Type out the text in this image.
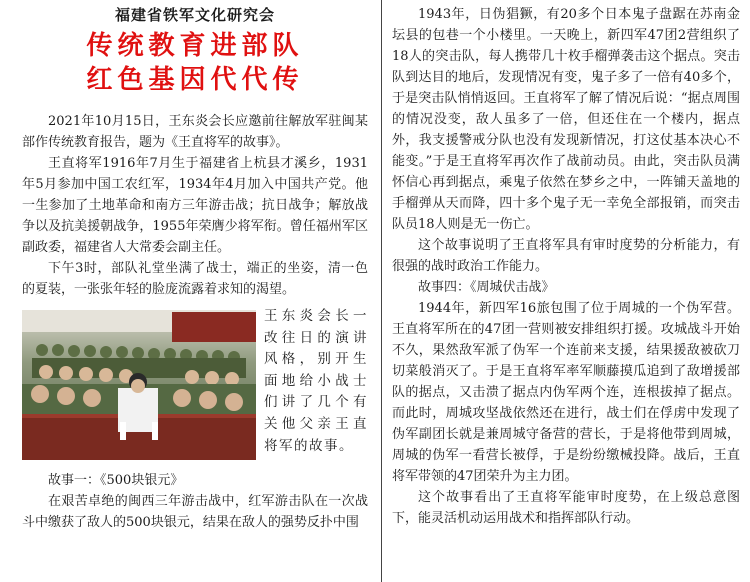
福建省铁军文化研究会
传统教育进部队
红色基因代代传

2021年10月15日，王东炎会长应邀前往解放军驻闽某部作传统教育报告，题为《王直将军的故事》。

王直将军1916年7月生于福建省上杭县才溪乡，1931年5月参加中国工农红军，1934年4月加入中国共产党。他一生参加了土地革命和南方三年游击战；抗日战争；解放战争以及抗美援朝战争，1955年荣膺少将军衔。曾任福州军区副政委，福建省人大常委会副主任。

下午3时，部队礼堂坐满了战士，端正的坐姿，清一色的夏装，一张张年轻的脸庞流露着求知的渴望。

王东炎会长一改往日的演讲风格，别开生面地给小战士们讲了几个有关他父亲王直将军的故事。

故事一：《500块银元》

在艰苦卓绝的闽西三年游击战中，红军游击队在一次战斗中缴获了敌人的500块银元，结果在敌人的强势反扑中围

1943年，日伪猖獗，有20多个日本鬼子盘踞在苏南金坛县的包巷一个小楼里。一天晚上，新四军47团2营组织了18人的突击队，每人携带几十枚手榴弹袭击这个据点。突击队到达目的地后，发现情况有变，鬼子多了一倍有40多个，于是突击队悄悄返回。王直将军了解了情况后说：“据点周围的情况没变，敌人虽多了一倍，但还住在一个楼内，据点外，我支援警戒分队也没有发现新情况，打这仗基本决心不能变。”于是王直将军再次作了战前动员。由此，突击队员满怀信心再到据点，乘鬼子依然在梦乡之中，一阵铺天盖地的手榴弹从天而降，四十多个鬼子无一幸免全部报销，而突击队员18人则是无一伤亡。

这个故事说明了王直将军具有审时度势的分析能力，有很强的战时政治工作能力。

故事四：《周城伏击战》

1944年，新四军16旅包围了位于周城的一个伪军营。王直将军所在的47团一营则被安排组织打援。攻城战斗开始不久，果然敌军派了伪军一个连前来支援，结果援敌被砍刀切菜般消灭了。于是王直将军率军顺藤摸瓜追到了敌增援部队的据点，又击溃了据点内伪军两个连，连根拔掉了据点。而此时，周城攻坚战依然还在进行，战士们在俘虏中发现了伪军副团长就是兼周城守备营的营长，于是将他带到周城，周城的伪军一看营长被俘，于是纷纷缴械投降。战后，王直将军带领的47团荣升为主力团。

这个故事看出了王直将军能审时度势，在上级总意图下，能灵活机动运用战术和指挥部队行动。
